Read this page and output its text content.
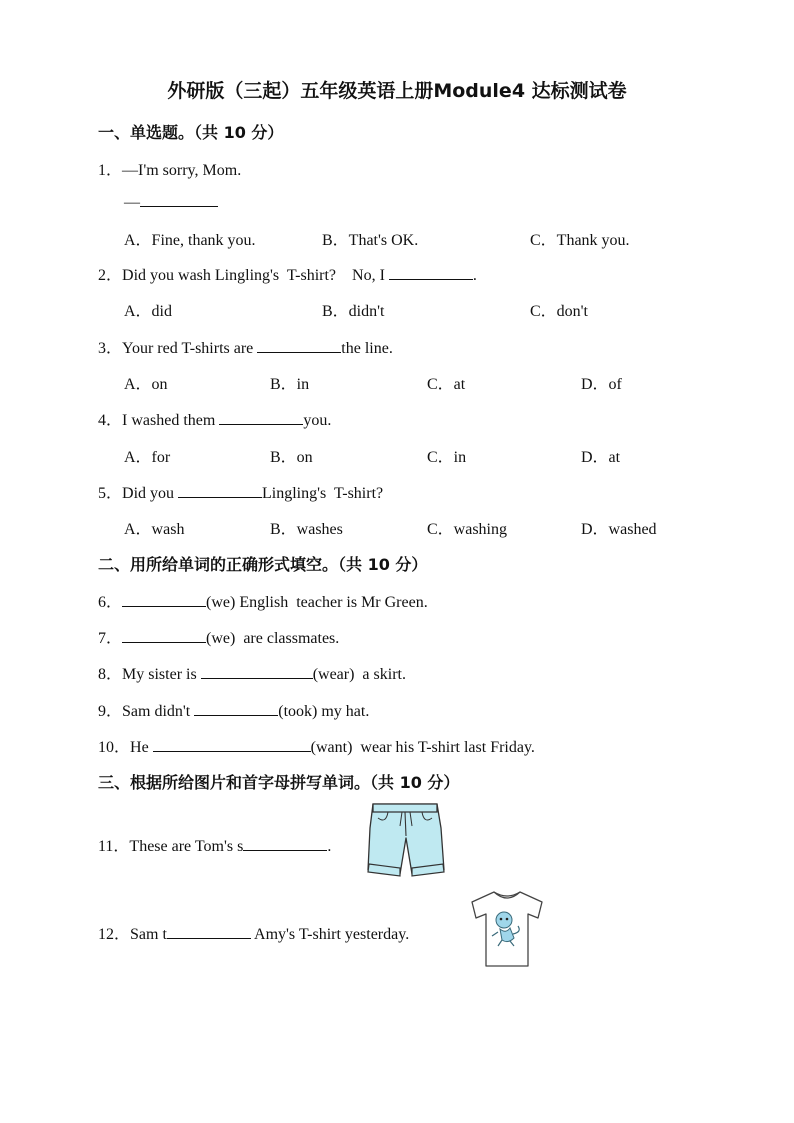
外研版（三起）五年级英语上册Module4 达标测试卷
一、单选题。（共 10 分）
1．—I'm sorry, Mom.
—
A．Fine, thank you.	B．That's OK.	C．Thank you.
2．Did you wash Lingling's  T-shirt?    No, I	.
A．did	B．didn't	C．don't
3．Your red T-shirts are	the line.
A．on	B．in	C．at	D．of
4．I washed them	you.
A．for	B．on	C．in	D．at
5．Did you	Lingling's  T-shirt?
A．wash	B．washes	C．washing	D．washed
二、用所给单词的正确形式填空。（共 10 分）
6．	(we) English  teacher is Mr Green.
7．	(we)  are classmates.
8．My sister is	(wear)  a skirt.
9．Sam didn't	(took) my hat.
10．He	(want)  wear his T-shirt last Friday.
三、根据所给图片和首字母拼写单词。（共 10 分）
11．These are Tom's s	.
12．Sam t	Amy's T-shirt yesterday.
